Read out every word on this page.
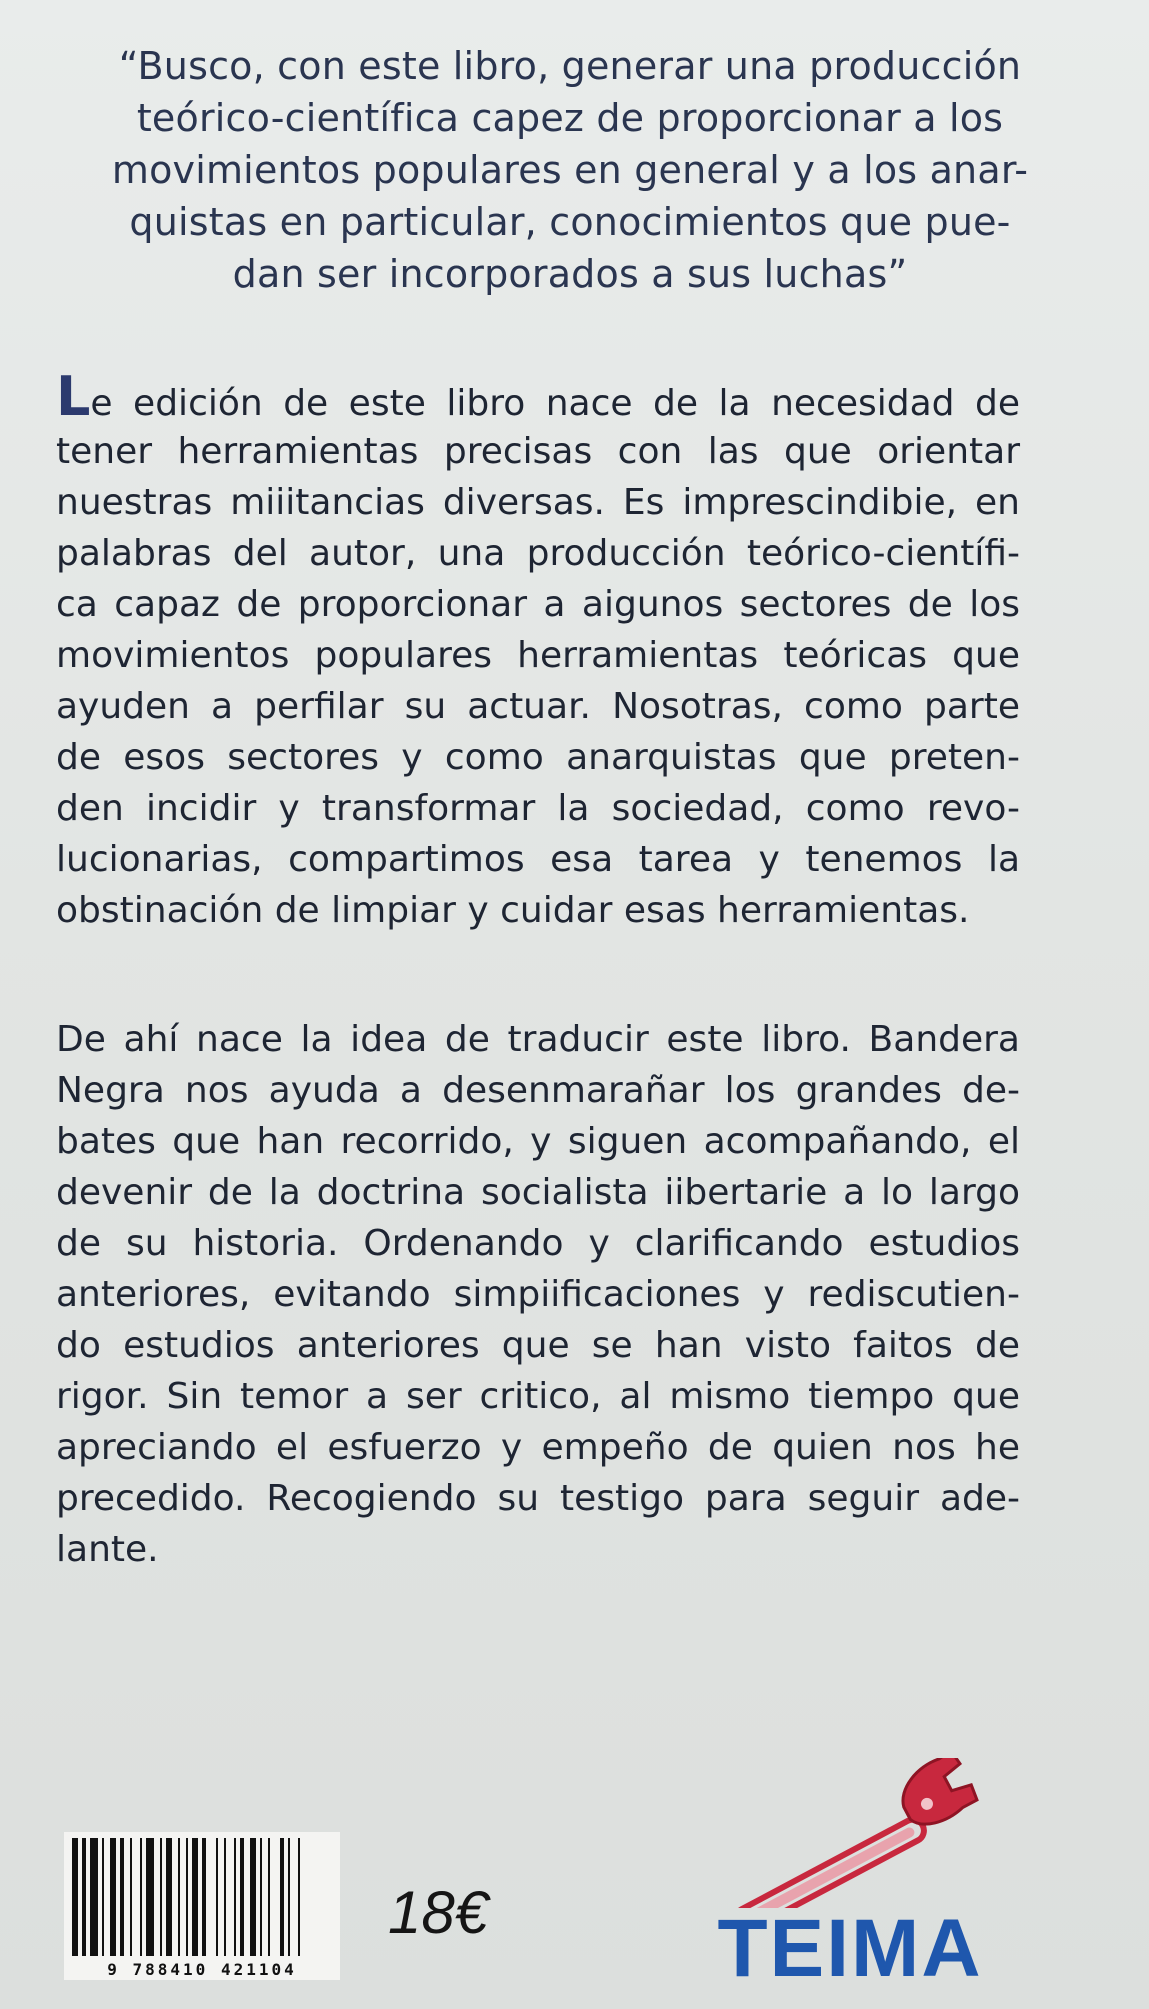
“Busco, con este libro, generar una producción
teórico-científica capez de proporcionar a los
movimientos populares en general y a los anar-
quistas en particular, conocimientos que pue-
dan ser incorporados a sus luchas”
Le edición de este libro nace de la necesidad de
tener herramientas precisas con las que orientar
nuestras miiitancias diversas. Es imprescindibie, en
palabras del autor, una producción teórico-científi-
ca capaz de proporcionar a aigunos sectores de los
movimientos populares herramientas teóricas que
ayuden a perfilar su actuar. Nosotras, como parte
de esos sectores y como anarquistas que preten-
den incidir y transformar la sociedad, como revo-
lucionarias, compartimos esa tarea y tenemos la
obstinación de limpiar y cuidar esas herramientas.
De ahí nace la idea de traducir este libro. Bandera
Negra nos ayuda a desenmarañar los grandes de-
bates que han recorrido, y siguen acompañando, el
devenir de la doctrina socialista iibertarie a lo largo
de su historia. Ordenando y clarificando estudios
anteriores, evitando simpiificaciones y rediscutien-
do estudios anteriores que se han visto faitos de
rigor. Sin temor a ser critico, al mismo tiempo que
apreciando el esfuerzo y empeño de quien nos he
precedido. Recogiendo su testigo para seguir ade-
lante.
9 788410 421104
18€	TEIMA
